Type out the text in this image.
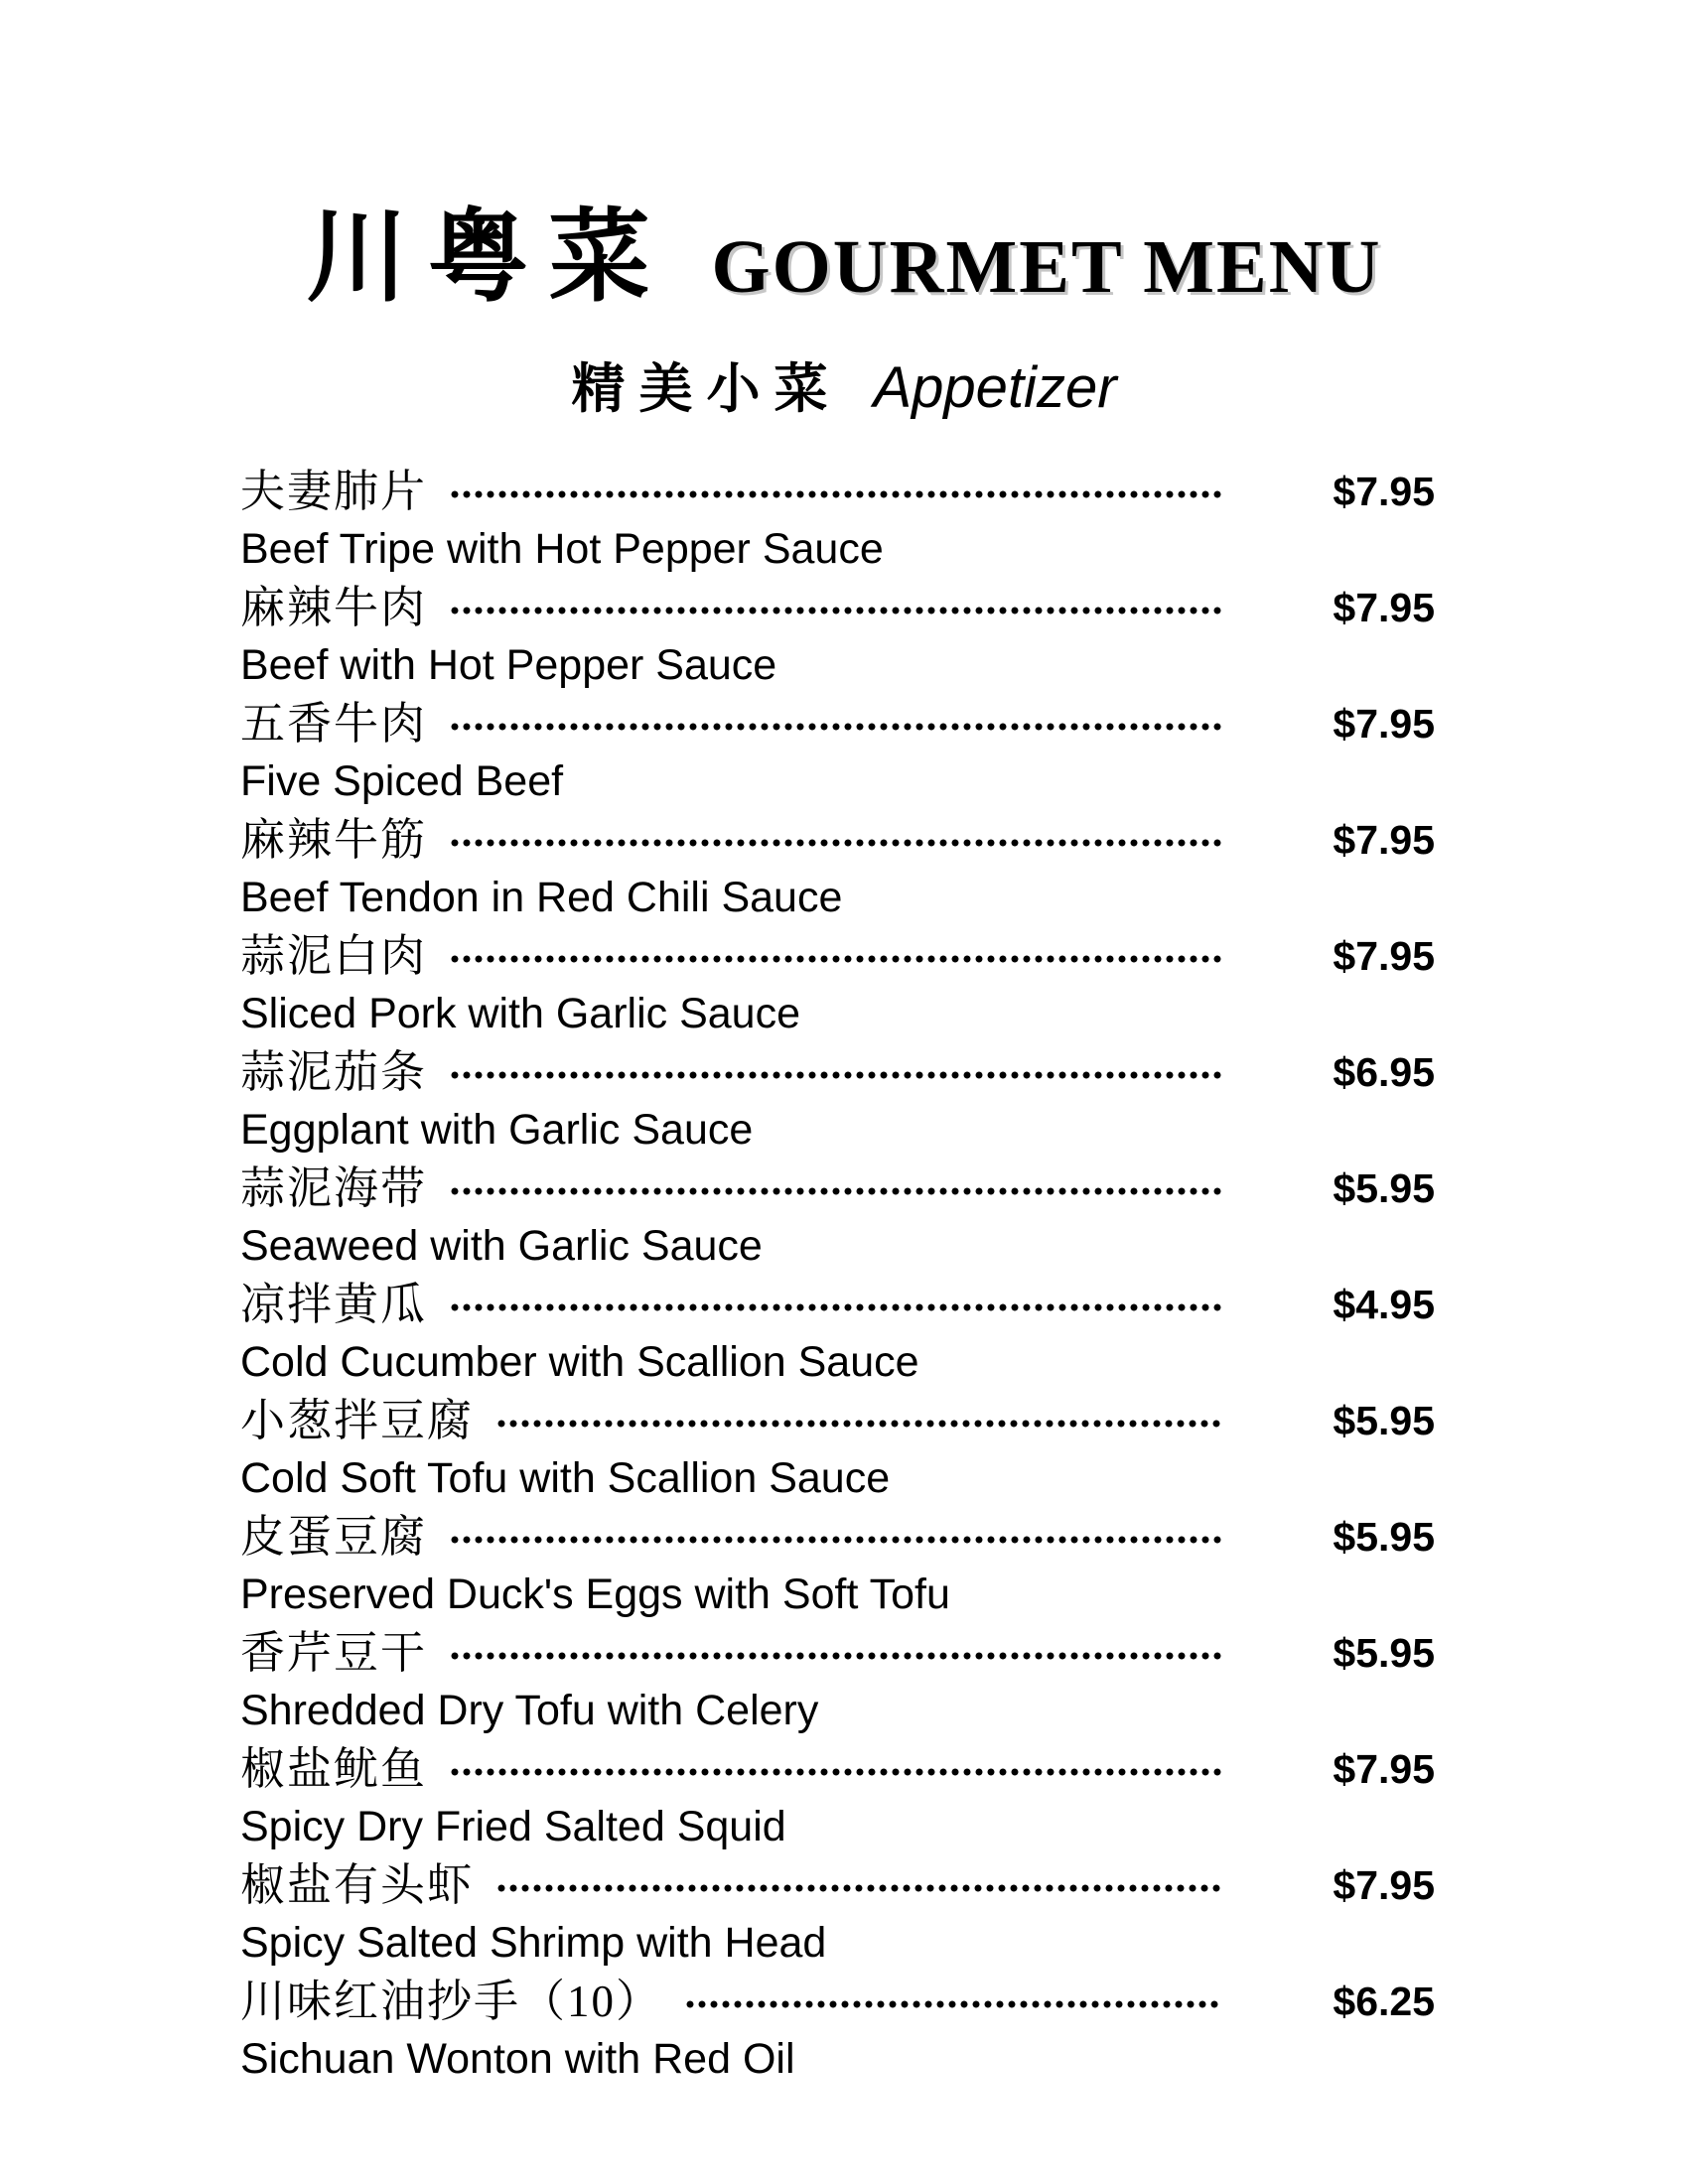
川粤菜 GOURMET MENU
精美小菜 Appetizer
夫妻肺片	$7.95
Beef Tripe with Hot Pepper Sauce
麻辣牛肉	$7.95
Beef with Hot Pepper Sauce
五香牛肉	$7.95
Five Spiced Beef
麻辣牛筋	$7.95
Beef Tendon in Red Chili Sauce
蒜泥白肉	$7.95
Sliced Pork with Garlic Sauce
蒜泥茄条	$6.95
Eggplant with Garlic Sauce
蒜泥海带	$5.95
Seaweed with Garlic Sauce
凉拌黄瓜	$4.95
Cold Cucumber with Scallion Sauce
小葱拌豆腐	$5.95
Cold Soft Tofu with Scallion Sauce
皮蛋豆腐	$5.95
Preserved Duck's Eggs with Soft Tofu
香芹豆干	$5.95
Shredded Dry Tofu with Celery
椒盐鱿鱼	$7.95
Spicy Dry Fried Salted Squid
椒盐有头虾	$7.95
Spicy Salted Shrimp with Head
川味红油抄手（10）	$6.25
Sichuan Wonton with Red Oil
